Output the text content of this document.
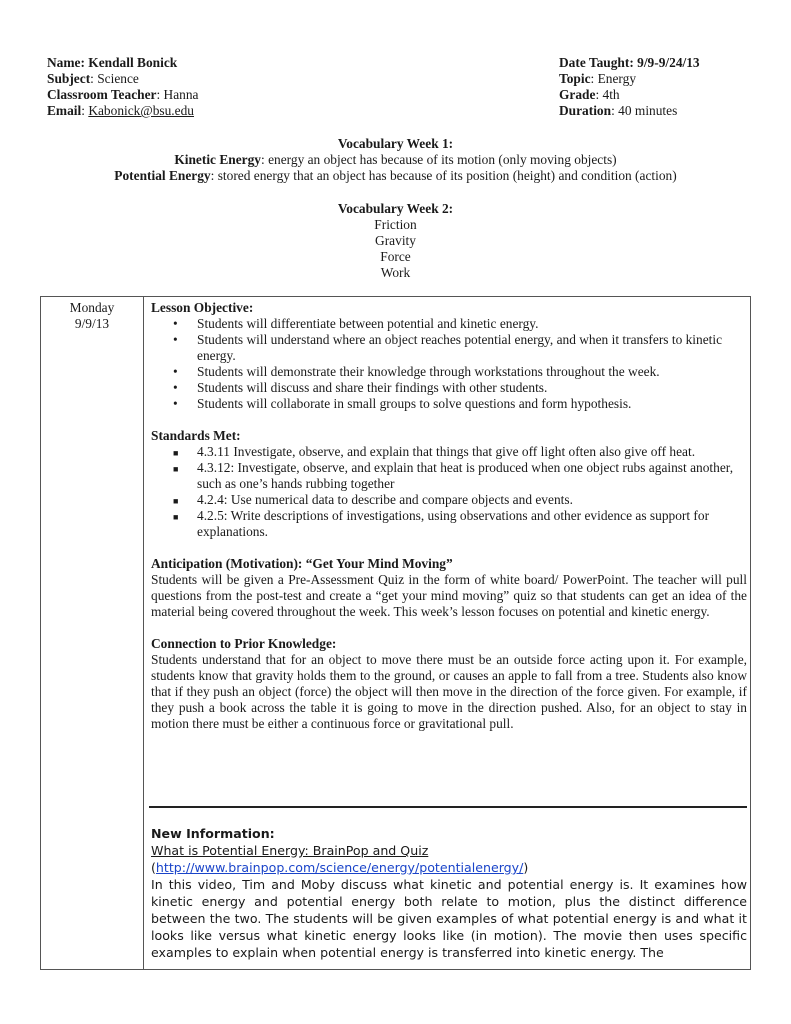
Name: Kendall Bonick
Subject: Science
Classroom Teacher: Hanna
Email: Kabonick@bsu.edu
Date Taught: 9/9-9/24/13
Topic: Energy
Grade: 4th
Duration: 40 minutes
Vocabulary Week 1:
Kinetic Energy: energy an object has because of its motion (only moving objects)
Potential Energy: stored energy that an object has because of its position (height) and condition (action)
Vocabulary Week 2:
Friction
Gravity
Force
Work
Monday
9/9/13
Lesson Objective:
• Students will differentiate between potential and kinetic energy.
• Students will understand where an object reaches potential energy, and when it transfers to kinetic energy.
• Students will demonstrate their knowledge through workstations throughout the week.
• Students will discuss and share their findings with other students.
• Students will collaborate in small groups to solve questions and form hypothesis.
Standards Met:
■ 4.3.11 Investigate, observe, and explain that things that give off light often also give off heat.
■ 4.3.12: Investigate, observe, and explain that heat is produced when one object rubs against another, such as one’s hands rubbing together
■ 4.2.4: Use numerical data to describe and compare objects and events.
■ 4.2.5: Write descriptions of investigations, using observations and other evidence as support for explanations.
Anticipation (Motivation): “Get Your Mind Moving”
Students will be given a Pre-Assessment Quiz in the form of white board/ PowerPoint. The teacher will pull questions from the post-test and create a “get your mind moving” quiz so that students can get an idea of the material being covered throughout the week. This week’s lesson focuses on potential and kinetic energy.
Connection to Prior Knowledge:
Students understand that for an object to move there must be an outside force acting upon it. For example, students know that gravity holds them to the ground, or causes an apple to fall from a tree. Students also know that if they push an object (force) the object will then move in the direction of the force given. For example, if they push a book across the table it is going to move in the direction pushed. Also, for an object to stay in motion there must be either a continuous force or gravitational pull.
New Information:
What is Potential Energy: BrainPop and Quiz
(http://www.brainpop.com/science/energy/potentialenergy/)
In this video, Tim and Moby discuss what kinetic and potential energy is. It examines how kinetic energy and potential energy both relate to motion, plus the distinct difference between the two. The students will be given examples of what potential energy is and what it looks like versus what kinetic energy looks like (in motion). The movie then uses specific examples to explain when potential energy is transferred into kinetic energy. The
